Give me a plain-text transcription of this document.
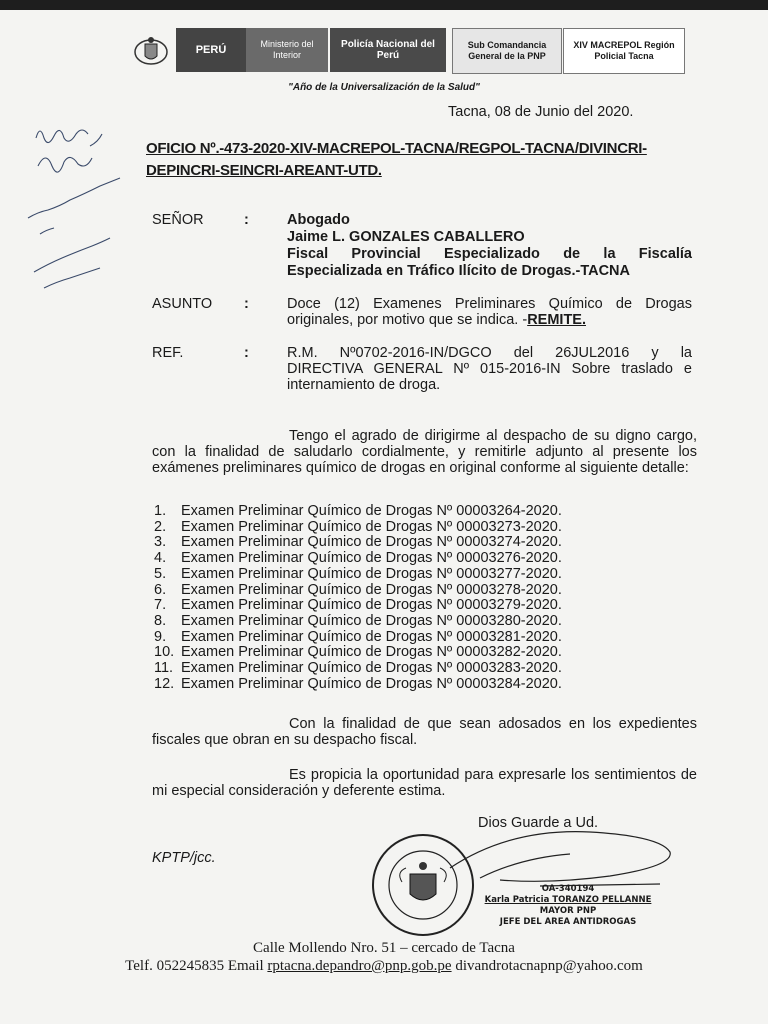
PERÚ	Ministerio del Interior
Policía Nacional del Perú
Sub Comandancia General de la PNP
XIV MACREPOL Región Policial Tacna
"Año de la Universalización de la Salud"
Tacna, 08 de Junio del 2020.
OFICIO Nº.-473-2020-XIV-MACREPOL-TACNA/REGPOL-TACNA/DIVINCRI-DEPINCRI-SEINCRI-AREANT-UTD.
SEÑOR	:	Abogado
Jaime L. GONZALES CABALLERO
Fiscal Provincial Especializado de la Fiscalía
Especializada en Tráfico Ilícito de Drogas.-TACNA
ASUNTO :	Doce (12) Examenes Preliminares Químico de Drogas
originales, por motivo que se indica. -REMITE.
REF.	:	R.M. Nº0702-2016-IN/DGCO del 26JUL2016 y la
DIRECTIVA GENERAL Nº 015-2016-IN Sobre traslado e
internamiento de droga.
Tengo el agrado de dirigirme al despacho de su digno cargo, con la finalidad de saludarlo cordialmente, y remitirle adjunto al presente los exámenes preliminares químico de drogas en original conforme al siguiente detalle:
1.	Examen Preliminar Químico de Drogas Nº 00003264-2020.
2.	Examen Preliminar Químico de Drogas Nº 00003273-2020.
3.	Examen Preliminar Químico de Drogas Nº 00003274-2020.
4.	Examen Preliminar Químico de Drogas Nº 00003276-2020.
5.	Examen Preliminar Químico de Drogas Nº 00003277-2020.
6.	Examen Preliminar Químico de Drogas Nº 00003278-2020.
7.	Examen Preliminar Químico de Drogas Nº 00003279-2020.
8.	Examen Preliminar Químico de Drogas Nº 00003280-2020.
9.	Examen Preliminar Químico de Drogas Nº 00003281-2020.
10. Examen Preliminar Químico de Drogas Nº 00003282-2020.
11. Examen Preliminar Químico de Drogas Nº 00003283-2020.
12. Examen Preliminar Químico de Drogas Nº 00003284-2020.
Con la finalidad de que sean adosados en los expedientes fiscales que obran en su despacho fiscal.
Es propicia la oportunidad para expresarle los sentimientos de mi especial consideración y deferente estima.
Dios Guarde a Ud.
KPTP/jcc.
OA-340194
Karla Patricia TORANZO PELLANNE
MAYOR PNP
JEFE DEL AREA ANTIDROGAS
Calle Mollendo Nro. 51 – cercado de Tacna
Telf. 052245835 Email rptacna.depandro@pnp.gob.pe divandrotacnapnp@yahoo.com
